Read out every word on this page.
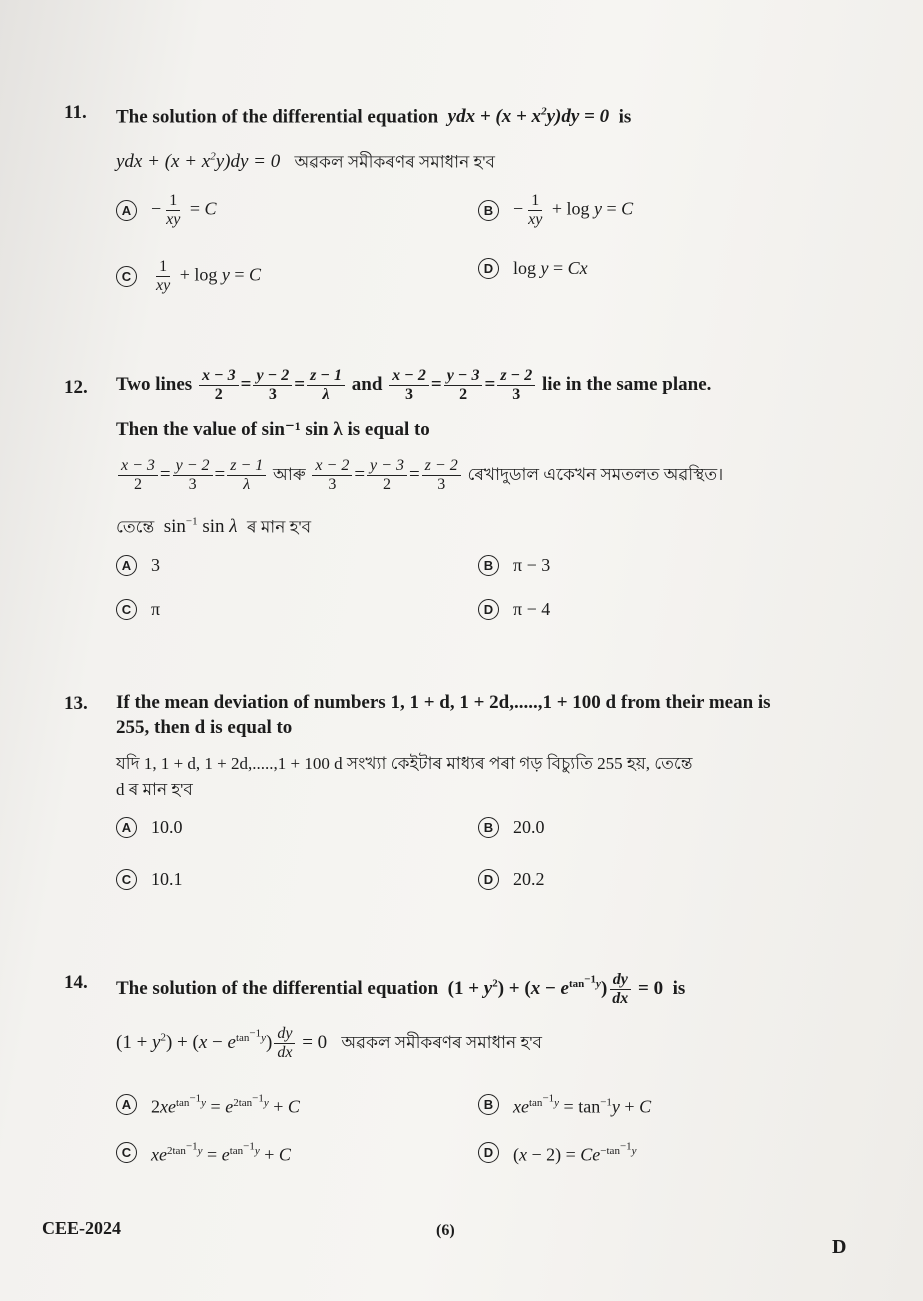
11. The solution of the differential equation  ydx + $(x + x^2y)dy = 0$  is
ydx + $(x + x^2y)dy = 0$   অৱকল সমীকৰণৰ সমাধান হ'ব
A	− $\frac{1}{xy} = C$	B	− $\frac{1}{xy} + \log y = C$
C	$\frac{1}{xy} + \log y = C$	D	log y = Cx
12. Two lines $\frac{x - 3}{2} = \frac{y - 2}{3} = \frac{z - 1}{\lambda}$ and $\frac{x - 2}{3} = \frac{y - 3}{2} = \frac{z - 2}{3}$ lie in the same plane.
Then the value of sin⁻¹ sin λ is equal to
$\frac{x - 3}{2} = \frac{y - 2}{3} = \frac{z - 1}{\lambda}$ আৰু $\frac{x - 2}{3} = \frac{y - 3}{2} = \frac{z - 2}{3}$ ৰেখাদুডাল একেখন সমতলত অৱস্থিত।
তেন্তে  $\sin^{-1} \sin \lambda$ ৰ মান হ'ব
A	3	B	π − 3
C	π	D	π − 4
13. If the mean deviation of numbers 1, 1 + d, 1 + 2d,.....,1 + 100 d from their mean is
255, then d is equal to
যদি 1, 1 + d, 1 + 2d,.....,1 + 100 d সংখ্যা কেইটাৰ মাধ্যৰ পৰা গড় বিচ্যুতি 255 হয়, তেন্তে
d ৰ মান হ'ব
A	10.0	B	20.0
C	10.1	D	20.2
14. The solution of the differential equation  $(1 + y^2) + (x - e^{tan^{-1}y}) \frac{dy}{dx} = 0$  is
$(1 + y^2) + (x - e^{tan^{-1}y}) \frac{dy}{dx} = 0$   অৱকল সমীকৰণৰ সমাধান হ'ব
A	$2xe^{tan^{-1}y} = e^{2tan^{-1}y} + C$	B	$xe^{tan^{-1}y} = \tan^{-1}y + C$
C	$xe^{2tan^{-1}y} = e^{tan^{-1}y} + C$	D	$(x - 2) = Ce^{-tan^{-1}y}$
CEE-2024	(6)
D
